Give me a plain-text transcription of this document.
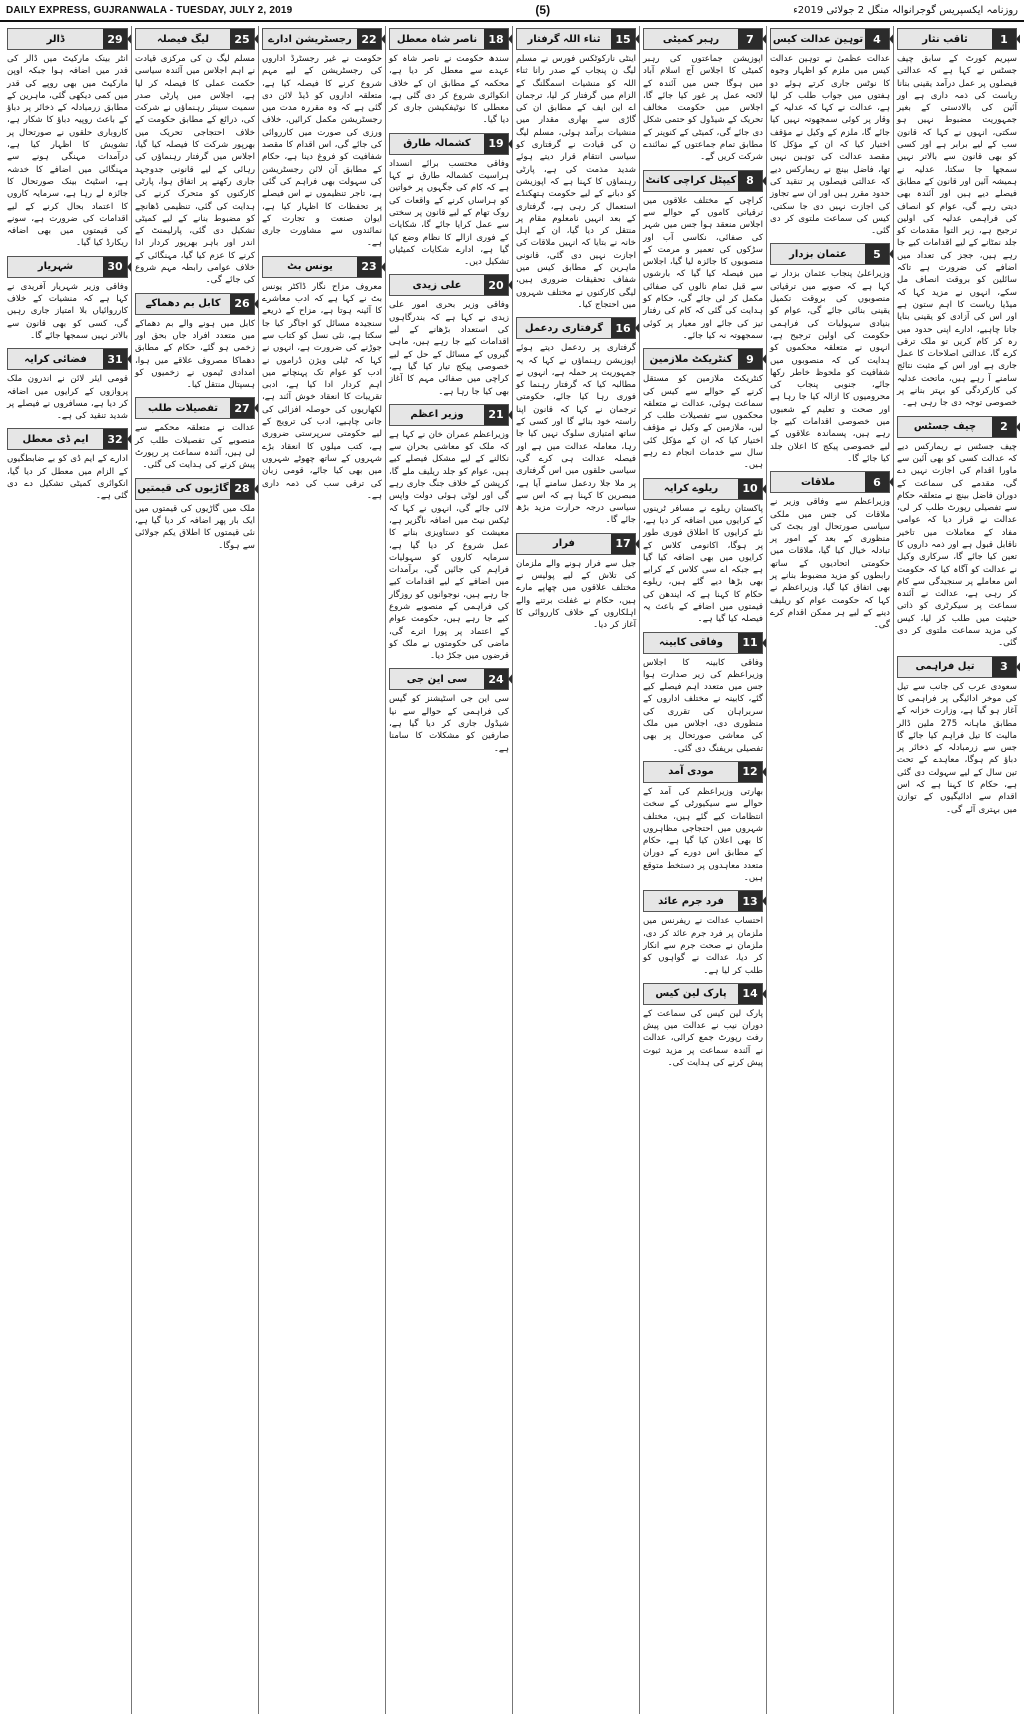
DAILY EXPRESS, GUJRANWALA - TUESDAY, JULY 2, 2019	(5)	روزنامہ ایکسپریس گوجرانوالہ منگل 2 جولائی 2019ء
1
ثاقب نثار
سپریم کورٹ کے سابق چیف جسٹس نے کہا ہے کہ عدالتی فیصلوں پر عمل درآمد یقینی بنانا ریاست کی ذمہ داری ہے اور آئین کی بالادستی کے بغیر جمہوریت مضبوط نہیں ہو سکتی، انہوں نے کہا کہ قانون سب کے لیے برابر ہے اور کسی کو بھی قانون سے بالاتر نہیں سمجھا جا سکتا، عدلیہ نے ہمیشہ آئین اور قانون کے مطابق فیصلے دیے ہیں اور آئندہ بھی دیتی رہے گی، عوام کو انصاف کی فراہمی عدلیہ کی اولین ترجیح ہے، زیر التوا مقدمات کو جلد نمٹانے کے لیے اقدامات کیے جا رہے ہیں، ججز کی تعداد میں اضافے کی ضرورت ہے تاکہ سائلین کو بروقت انصاف مل سکے، انہوں نے مزید کہا کہ میڈیا ریاست کا اہم ستون ہے اور اس کی آزادی کو یقینی بنایا جانا چاہیے، ادارے اپنی حدود میں رہ کر کام کریں تو ملک ترقی کرے گا، عدالتی اصلاحات کا عمل جاری ہے اور اس کے مثبت نتائج سامنے آ رہے ہیں، ماتحت عدلیہ کی کارکردگی کو بہتر بنانے پر خصوصی توجہ دی جا رہی ہے۔
2
چیف جسٹس
چیف جسٹس نے ریمارکس دیے کہ عدالت کسی کو بھی آئین سے ماورا اقدام کی اجازت نہیں دے گی، مقدمے کی سماعت کے دوران فاضل بینچ نے متعلقہ حکام سے تفصیلی رپورٹ طلب کر لی، عدالت نے قرار دیا کہ عوامی مفاد کے معاملات میں تاخیر ناقابل قبول ہے اور ذمہ داروں کا تعین کیا جائے گا، سرکاری وکیل نے عدالت کو آگاہ کیا کہ حکومت اس معاملے پر سنجیدگی سے کام کر رہی ہے، عدالت نے آئندہ سماعت پر سیکرٹری کو ذاتی حیثیت میں طلب کر لیا، کیس کی مزید سماعت ملتوی کر دی گئی۔
3
تیل فراہمی
سعودی عرب کی جانب سے تیل کی موخر ادائیگی پر فراہمی کا آغاز ہو گیا ہے، وزارت خزانہ کے مطابق ماہانہ 275 ملین ڈالر مالیت کا تیل فراہم کیا جائے گا جس سے زرمبادلہ کے ذخائر پر دباؤ کم ہوگا، معاہدے کے تحت تین سال کے لیے سہولت دی گئی ہے، حکام کا کہنا ہے کہ اس اقدام سے ادائیگیوں کے توازن میں بہتری آئے گی۔
4
توہین عدالت کیس
عدالت عظمیٰ نے توہین عدالت کیس میں ملزم کو اظہار وجوہ کا نوٹس جاری کرتے ہوئے دو ہفتوں میں جواب طلب کر لیا ہے، عدالت نے کہا کہ عدلیہ کے وقار پر کوئی سمجھوتہ نہیں کیا جائے گا، ملزم کے وکیل نے مؤقف اختیار کیا کہ ان کے مؤکل کا مقصد عدالت کی توہین نہیں تھا، فاضل بینچ نے ریمارکس دیے کہ عدالتی فیصلوں پر تنقید کی حدود مقرر ہیں اور ان سے تجاوز کی اجازت نہیں دی جا سکتی، کیس کی سماعت ملتوی کر دی گئی۔
5
عثمان بزدار
وزیراعلیٰ پنجاب عثمان بزدار نے کہا ہے کہ صوبے میں ترقیاتی منصوبوں کی بروقت تکمیل یقینی بنائی جائے گی، عوام کو بنیادی سہولیات کی فراہمی حکومت کی اولین ترجیح ہے، انہوں نے متعلقہ محکموں کو ہدایت کی کہ منصوبوں میں شفافیت کو ملحوظ خاطر رکھا جائے، جنوبی پنجاب کی محرومیوں کا ازالہ کیا جا رہا ہے اور صحت و تعلیم کے شعبوں میں خصوصی اقدامات کیے جا رہے ہیں، پسماندہ علاقوں کے لیے خصوصی پیکج کا اعلان جلد کیا جائے گا۔
6
ملاقات
وزیراعظم سے وفاقی وزیر نے ملاقات کی جس میں ملکی سیاسی صورتحال اور بجٹ کی منظوری کے بعد کے امور پر تبادلہ خیال کیا گیا، ملاقات میں حکومتی اتحادیوں کے ساتھ رابطوں کو مزید مضبوط بنانے پر بھی اتفاق کیا گیا، وزیراعظم نے کہا کہ حکومت عوام کو ریلیف دینے کے لیے ہر ممکن اقدام کرے گی۔
7
رہبر کمیٹی
اپوزیشن جماعتوں کی رہبر کمیٹی کا اجلاس آج اسلام آباد میں ہوگا جس میں آئندہ کے لائحہ عمل پر غور کیا جائے گا، اجلاس میں حکومت مخالف تحریک کے شیڈول کو حتمی شکل دی جائے گی، کمیٹی کے کنوینر کے مطابق تمام جماعتوں کے نمائندے شرکت کریں گے۔
8
کیپٹل کراچی کانٹ
کراچی کے مختلف علاقوں میں ترقیاتی کاموں کے حوالے سے اجلاس منعقد ہوا جس میں شہر کی صفائی، نکاسی آب اور سڑکوں کی تعمیر و مرمت کے منصوبوں کا جائزہ لیا گیا، اجلاس میں فیصلہ کیا گیا کہ بارشوں سے قبل تمام نالوں کی صفائی مکمل کر لی جائے گی، حکام کو ہدایت کی گئی کہ کام کی رفتار تیز کی جائے اور معیار پر کوئی سمجھوتہ نہ کیا جائے۔
9
کنٹریکٹ ملازمین
کنٹریکٹ ملازمین کو مستقل کرنے کے حوالے سے کیس کی سماعت ہوئی، عدالت نے متعلقہ محکموں سے تفصیلات طلب کر لیں، ملازمین کے وکیل نے مؤقف اختیار کیا کہ ان کے مؤکل کئی سال سے خدمات انجام دے رہے ہیں۔
10
ریلوے کرایہ
پاکستان ریلوے نے مسافر ٹرینوں کے کرایوں میں اضافہ کر دیا ہے، نئے کرایوں کا اطلاق فوری طور پر ہوگا، اکانومی کلاس کے کرایوں میں بھی اضافہ کیا گیا ہے جبکہ اے سی کلاس کے کرایے بھی بڑھا دیے گئے ہیں، ریلوے حکام کا کہنا ہے کہ ایندھن کی قیمتوں میں اضافے کے باعث یہ فیصلہ کیا گیا ہے۔
11
وفاقی کابینہ
وفاقی کابینہ کا اجلاس وزیراعظم کی زیر صدارت ہوا جس میں متعدد اہم فیصلے کیے گئے، کابینہ نے مختلف اداروں کے سربراہان کی تقرری کی منظوری دی، اجلاس میں ملک کی معاشی صورتحال پر بھی تفصیلی بریفنگ دی گئی۔
12
مودی آمد
بھارتی وزیراعظم کی آمد کے حوالے سے سیکیورٹی کے سخت انتظامات کیے گئے ہیں، مختلف شہروں میں احتجاجی مظاہروں کا بھی اعلان کیا گیا ہے، حکام کے مطابق اس دورے کے دوران متعدد معاہدوں پر دستخط متوقع ہیں۔
13
فرد جرم عائد
احتساب عدالت نے ریفرنس میں ملزمان پر فرد جرم عائد کر دی، ملزمان نے صحت جرم سے انکار کر دیا، عدالت نے گواہوں کو طلب کر لیا ہے۔
14
پارک لین کیس
پارک لین کیس کی سماعت کے دوران نیب نے عدالت میں پیش رفت رپورٹ جمع کرائی، عدالت نے آئندہ سماعت پر مزید ثبوت پیش کرنے کی ہدایت کی۔
15
ثناء اللہ گرفتار
اینٹی نارکوٹکس فورس نے مسلم لیگ ن پنجاب کے صدر رانا ثناء اللہ کو منشیات اسمگلنگ کے الزام میں گرفتار کر لیا، ترجمان اے این ایف کے مطابق ان کی گاڑی سے بھاری مقدار میں منشیات برآمد ہوئی، مسلم لیگ ن کی قیادت نے گرفتاری کو سیاسی انتقام قرار دیتے ہوئے شدید مذمت کی ہے، پارٹی رہنماؤں کا کہنا ہے کہ اپوزیشن کو دبانے کے لیے حکومت ہتھکنڈے استعمال کر رہی ہے، گرفتاری کے بعد انہیں نامعلوم مقام پر منتقل کر دیا گیا، ان کے اہل خانہ نے بتایا کہ انہیں ملاقات کی اجازت نہیں دی گئی، قانونی ماہرین کے مطابق کیس میں شفاف تحقیقات ضروری ہیں، لیگی کارکنوں نے مختلف شہروں میں احتجاج کیا۔
16
گرفتاری ردعمل
گرفتاری پر ردعمل دیتے ہوئے اپوزیشن رہنماؤں نے کہا کہ یہ جمہوریت پر حملہ ہے، انہوں نے مطالبہ کیا کہ گرفتار رہنما کو فوری رہا کیا جائے، حکومتی ترجمان نے کہا کہ قانون اپنا راستہ خود بنائے گا اور کسی کے ساتھ امتیازی سلوک نہیں کیا جا رہا، معاملہ عدالت میں ہے اور فیصلہ عدالت ہی کرے گی، سیاسی حلقوں میں اس گرفتاری پر ملا جلا ردعمل سامنے آیا ہے، مبصرین کا کہنا ہے کہ اس سے سیاسی درجہ حرارت مزید بڑھ جائے گا۔
17
فرار
جیل سے فرار ہونے والے ملزمان کی تلاش کے لیے پولیس نے مختلف علاقوں میں چھاپے مارے ہیں، حکام نے غفلت برتنے والے اہلکاروں کے خلاف کارروائی کا آغاز کر دیا۔
18
ناصر شاہ معطل
سندھ حکومت نے ناصر شاہ کو عہدے سے معطل کر دیا ہے، محکمہ کے مطابق ان کے خلاف انکوائری شروع کر دی گئی ہے، معطلی کا نوٹیفکیشن جاری کر دیا گیا۔
19
کشمالہ طارق
وفاقی محتسب برائے انسداد ہراسیت کشمالہ طارق نے کہا ہے کہ کام کی جگہوں پر خواتین کو ہراساں کرنے کے واقعات کی روک تھام کے لیے قانون پر سختی سے عمل کرایا جائے گا، شکایات کے فوری ازالے کا نظام وضع کیا گیا ہے، ادارے شکایات کمیٹیاں تشکیل دیں۔
20
علی زیدی
وفاقی وزیر بحری امور علی زیدی نے کہا ہے کہ بندرگاہوں کی استعداد بڑھانے کے لیے اقدامات کیے جا رہے ہیں، ماہی گیروں کے مسائل کے حل کے لیے خصوصی پیکج تیار کیا گیا ہے، کراچی میں صفائی مہم کا آغاز بھی کیا جا رہا ہے۔
21
وزیر اعظم
وزیراعظم عمران خان نے کہا ہے کہ ملک کو معاشی بحران سے نکالنے کے لیے مشکل فیصلے کیے ہیں، عوام کو جلد ریلیف ملے گا، کرپشن کے خلاف جنگ جاری رہے گی اور لوٹی ہوئی دولت واپس لائی جائے گی، انہوں نے کہا کہ ٹیکس نیٹ میں اضافہ ناگزیر ہے، معیشت کو دستاویزی بنانے کا عمل شروع کر دیا گیا ہے، سرمایہ کاروں کو سہولیات فراہم کی جائیں گی، برآمدات میں اضافے کے لیے اقدامات کیے جا رہے ہیں، نوجوانوں کو روزگار کی فراہمی کے منصوبے شروع کیے جا رہے ہیں، حکومت عوام کے اعتماد پر پورا اترے گی، ماضی کی حکومتوں نے ملک کو قرضوں میں جکڑ دیا۔
24
سی این جی
سی این جی اسٹیشنز کو گیس کی فراہمی کے حوالے سے نیا شیڈول جاری کر دیا گیا ہے، صارفین کو مشکلات کا سامنا ہے۔
22
رجسٹریشن ادارے
حکومت نے غیر رجسٹرڈ اداروں کی رجسٹریشن کے لیے مہم شروع کرنے کا فیصلہ کیا ہے، متعلقہ اداروں کو ڈیڈ لائن دی گئی ہے کہ وہ مقررہ مدت میں رجسٹریشن مکمل کرائیں، خلاف ورزی کی صورت میں کارروائی کی جائے گی، اس اقدام کا مقصد شفافیت کو فروغ دینا ہے، حکام کے مطابق آن لائن رجسٹریشن کی سہولت بھی فراہم کی گئی ہے، تاجر تنظیموں نے اس فیصلے پر تحفظات کا اظہار کیا ہے، ایوان صنعت و تجارت کے نمائندوں سے مشاورت جاری ہے۔
23
یونس بٹ
معروف مزاح نگار ڈاکٹر یونس بٹ نے کہا ہے کہ ادب معاشرے کا آئینہ ہوتا ہے، مزاح کے ذریعے سنجیدہ مسائل کو اجاگر کیا جا سکتا ہے، نئی نسل کو کتاب سے جوڑنے کی ضرورت ہے، انہوں نے کہا کہ ٹیلی ویژن ڈراموں نے ادب کو عوام تک پہنچانے میں اہم کردار ادا کیا ہے، ادبی تقریبات کا انعقاد خوش آئند ہے، لکھاریوں کی حوصلہ افزائی کی جانی چاہیے، ادب کی ترویج کے لیے حکومتی سرپرستی ضروری ہے، کتب میلوں کا انعقاد بڑے شہروں کے ساتھ چھوٹے شہروں میں بھی کیا جائے، قومی زبان کی ترقی سب کی ذمہ داری ہے۔
25
لیگ فیصلہ
مسلم لیگ ن کی مرکزی قیادت نے اہم اجلاس میں آئندہ سیاسی حکمت عملی کا فیصلہ کر لیا ہے، اجلاس میں پارٹی صدر سمیت سینئر رہنماؤں نے شرکت کی، ذرائع کے مطابق حکومت کے خلاف احتجاجی تحریک میں بھرپور شرکت کا فیصلہ کیا گیا، اجلاس میں گرفتار رہنماؤں کی رہائی کے لیے قانونی جدوجہد جاری رکھنے پر اتفاق ہوا، پارٹی کارکنوں کو متحرک کرنے کی ہدایت کی گئی، تنظیمی ڈھانچے کو مضبوط بنانے کے لیے کمیٹی تشکیل دی گئی، پارلیمنٹ کے اندر اور باہر بھرپور کردار ادا کرنے کا عزم کیا گیا، مہنگائی کے خلاف عوامی رابطہ مہم شروع کی جائے گی۔
26
کابل بم دھماکے
کابل میں ہونے والے بم دھماکے میں متعدد افراد جاں بحق اور زخمی ہو گئے، حکام کے مطابق دھماکا مصروف علاقے میں ہوا، امدادی ٹیموں نے زخمیوں کو ہسپتال منتقل کیا۔
27
تفصیلات طلب
عدالت نے متعلقہ محکمے سے منصوبے کی تفصیلات طلب کر لی ہیں، آئندہ سماعت پر رپورٹ پیش کرنے کی ہدایت کی گئی۔
28
گاڑیوں کی قیمتیں
ملک میں گاڑیوں کی قیمتوں میں ایک بار پھر اضافہ کر دیا گیا ہے، نئی قیمتوں کا اطلاق یکم جولائی سے ہوگا۔
29
ڈالر
انٹر بینک مارکیٹ میں ڈالر کی قدر میں اضافہ ہوا جبکہ اوپن مارکیٹ میں بھی روپے کی قدر میں کمی دیکھی گئی، ماہرین کے مطابق زرمبادلہ کے ذخائر پر دباؤ کے باعث روپیہ دباؤ کا شکار ہے، کاروباری حلقوں نے صورتحال پر تشویش کا اظہار کیا ہے، درآمدات مہنگی ہونے سے مہنگائی میں اضافے کا خدشہ ہے، اسٹیٹ بینک صورتحال کا جائزہ لے رہا ہے، سرمایہ کاروں کا اعتماد بحال کرنے کے لیے اقدامات کی ضرورت ہے، سونے کی قیمتوں میں بھی اضافہ ریکارڈ کیا گیا۔
30
شہریار
وفاقی وزیر شہریار آفریدی نے کہا ہے کہ منشیات کے خلاف کارروائیاں بلا امتیاز جاری رہیں گی، کسی کو بھی قانون سے بالاتر نہیں سمجھا جائے گا۔
31
فضائی کرایہ
قومی ایئر لائن نے اندرون ملک پروازوں کے کرایوں میں اضافہ کر دیا ہے، مسافروں نے فیصلے پر شدید تنقید کی ہے۔
32
ایم ڈی معطل
ادارے کے ایم ڈی کو بے ضابطگیوں کے الزام میں معطل کر دیا گیا، انکوائری کمیٹی تشکیل دے دی گئی ہے۔
